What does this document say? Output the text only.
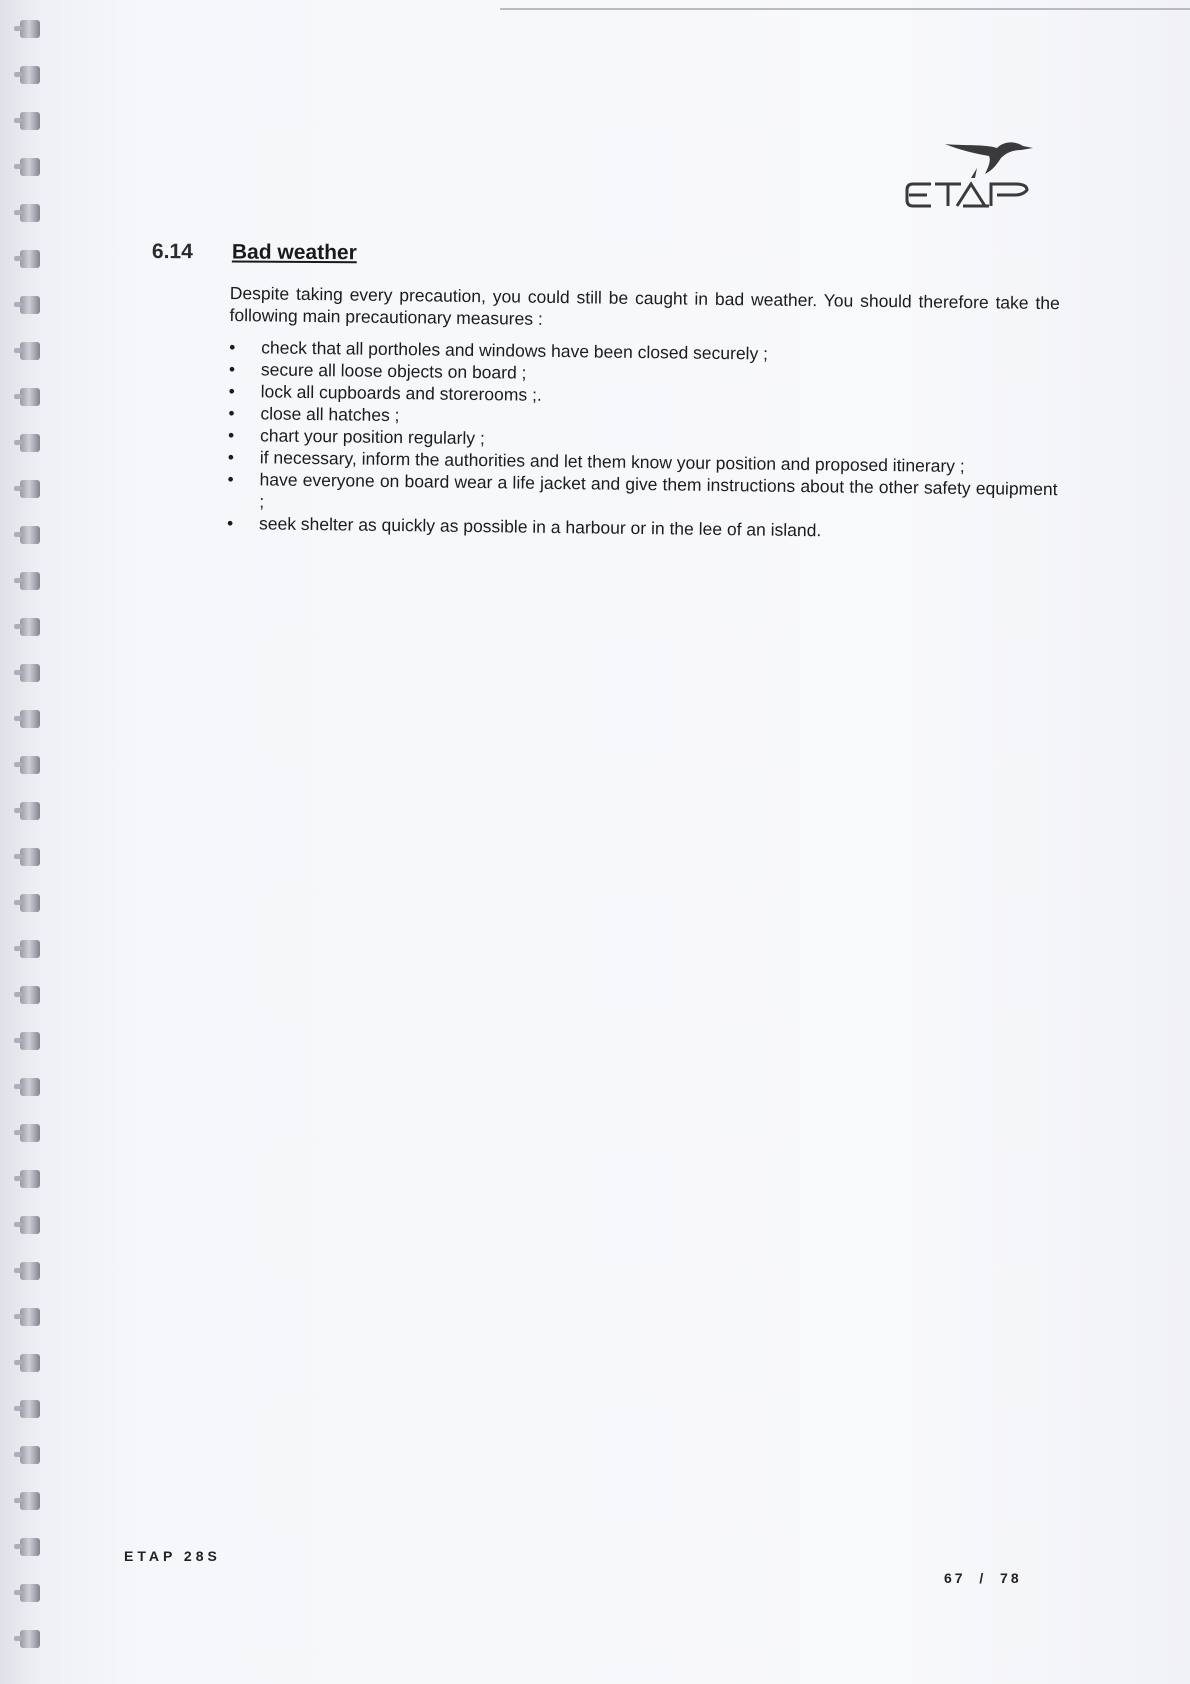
6.14 Bad weather

Despite taking every precaution, you could still be caught in bad weather. You should therefore take the following main precautionary measures :

•	check that all portholes and windows have been closed securely ;
•	secure all loose objects on board ;
•	lock all cupboards and storerooms ;.
•	close all hatches ;
•	chart your position regularly ;
•	if necessary, inform the authorities and let them know your position and proposed itinerary ;
•	have everyone on board wear a life jacket and give them instructions about the other safety equipment ;
•	seek shelter as quickly as possible in a harbour or in the lee of an island.
ETAP 28S
67 / 78
